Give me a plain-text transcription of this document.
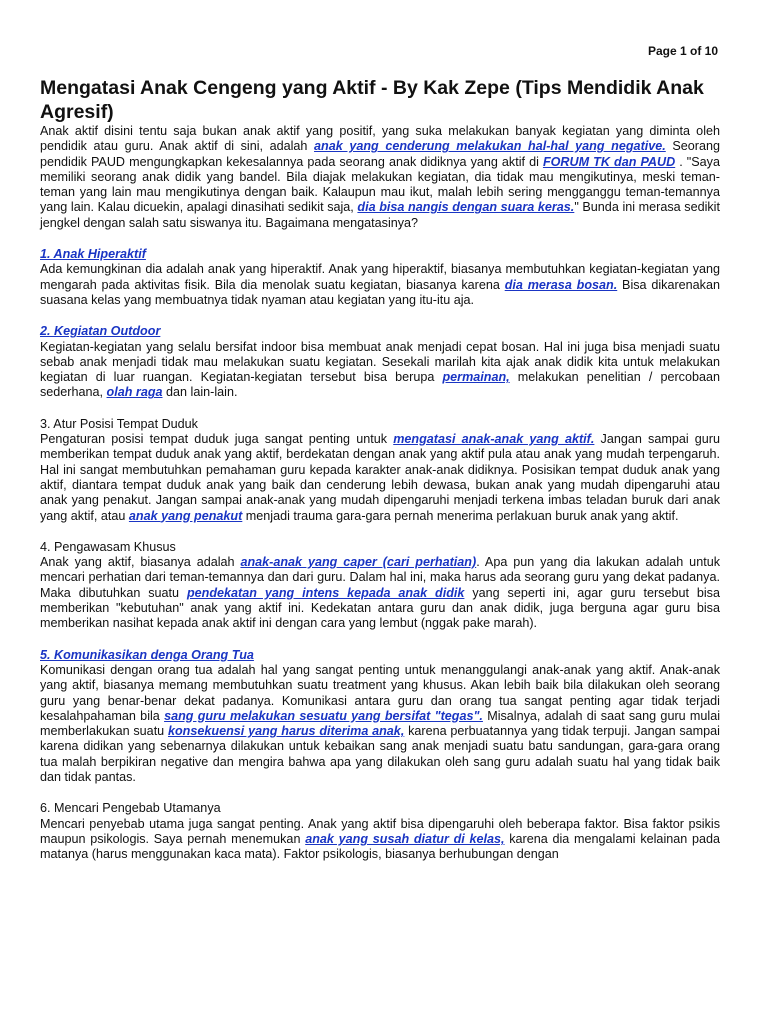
Page 1 of 10
Mengatasi Anak Cengeng yang Aktif - By Kak Zepe (Tips Mendidik Anak Agresif)

Anak aktif disini tentu saja bukan anak aktif yang positif, yang suka melakukan banyak kegiatan yang diminta oleh pendidik atau guru. Anak aktif di sini, adalah anak yang cenderung melakukan hal-hal yang negative. Seorang pendidik PAUD mengungkapkan kekesalannya pada seorang anak didiknya yang aktif di FORUM TK dan PAUD . "Saya memiliki seorang anak didik yang bandel. Bila diajak melakukan kegiatan, dia tidak mau mengikutinya, meski teman-teman yang lain mau mengikutinya dengan baik. Kalaupun mau ikut, malah lebih sering mengganggu teman-temannya yang lain. Kalau dicuekin, apalagi dinasihati sedikit saja, dia bisa nangis dengan suara keras." Bunda ini merasa sedikit jengkel dengan salah satu siswanya itu. Bagaimana mengatasinya?

1. Anak Hiperaktif

Ada kemungkinan dia adalah anak yang hiperaktif. Anak yang hiperaktif, biasanya membutuhkan kegiatan-kegiatan yang mengarah pada aktivitas fisik. Bila dia menolak suatu kegiatan, biasanya karena dia merasa bosan. Bisa dikarenakan suasana kelas yang membuatnya tidak nyaman atau kegiatan yang itu-itu aja.

2. Kegiatan Outdoor

Kegiatan-kegiatan yang selalu bersifat indoor bisa membuat anak menjadi cepat bosan. Hal ini juga bisa menjadi suatu sebab anak menjadi tidak mau melakukan suatu kegiatan. Sesekali marilah kita ajak anak didik kita untuk melakukan kegiatan di luar ruangan. Kegiatan-kegiatan tersebut bisa berupa permainan, melakukan penelitian / percobaan sederhana, olah raga dan lain-lain.

3. Atur Posisi Tempat Duduk

Pengaturan posisi tempat duduk juga sangat penting untuk mengatasi anak-anak yang aktif. Jangan sampai guru memberikan tempat duduk anak yang aktif, berdekatan dengan anak yang aktif pula atau anak yang mudah terpengaruh. Hal ini sangat membutuhkan pemahaman guru kepada karakter anak-anak didiknya. Posisikan tempat duduk anak yang aktif, diantara tempat duduk anak yang baik dan cenderung lebih dewasa, bukan anak yang mudah dipengaruhi atau anak yang penakut. Jangan sampai anak-anak yang mudah dipengaruhi menjadi terkena imbas teladan buruk dari anak yang aktif, atau anak yang penakut menjadi trauma gara-gara pernah menerima perlakuan buruk anak yang aktif.

4. Pengawasam Khusus

Anak yang aktif, biasanya adalah anak-anak yang caper (cari perhatian). Apa pun yang dia lakukan adalah untuk mencari perhatian dari teman-temannya dan dari guru. Dalam hal ini, maka harus ada seorang guru yang dekat padanya. Maka dibutuhkan suatu pendekatan yang intens kepada anak didik yang seperti ini, agar guru tersebut bisa memberikan "kebutuhan" anak yang aktif ini. Kedekatan antara guru dan anak didik, juga berguna agar guru bisa memberikan nasihat kepada anak aktif ini dengan cara yang lembut (nggak pake marah).

5. Komunikasikan denga Orang Tua

Komunikasi dengan orang tua adalah hal yang sangat penting untuk menanggulangi anak-anak yang aktif. Anak-anak yang aktif, biasanya memang membutuhkan suatu treatment yang khusus. Akan lebih baik bila dilakukan oleh seorang guru yang benar-benar dekat padanya. Komunikasi antara guru dan orang tua sangat penting agar tidak terjadi kesalahpahaman bila sang guru melakukan sesuatu yang bersifat "tegas". Misalnya, adalah di saat sang guru mulai memberlakukan suatu konsekuensi yang harus diterima anak, karena perbuatannya yang tidak terpuji. Jangan sampai karena didikan yang sebenarnya dilakukan untuk kebaikan sang anak menjadi suatu batu sandungan, gara-gara orang tua malah berpikiran negative dan mengira bahwa apa yang dilakukan oleh sang guru adalah suatu hal yang tidak baik dan tidak pantas.

6. Mencari Pengebab Utamanya

Mencari penyebab utama juga sangat penting. Anak yang aktif bisa dipengaruhi oleh beberapa faktor. Bisa faktor psikis maupun psikologis. Saya pernah menemukan anak yang susah diatur di kelas, karena dia mengalami kelainan pada matanya (harus menggunakan kaca mata). Faktor psikologis, biasanya berhubungan dengan
